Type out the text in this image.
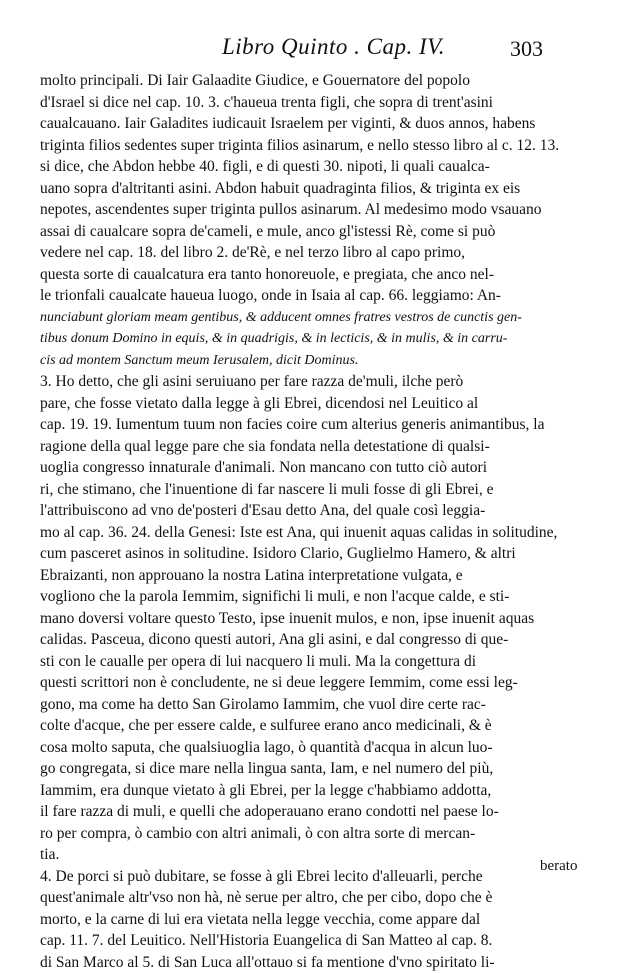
Libro Quinto . Cap. IV.	303
molto principali. Di Iair Galaadite Giudice, e Gouernatore del popolo
d'Israel si dice nel cap. 10. 3. c'haueua trenta figli, che sopra di trent'asini
caualcauano. Iair Galadites iudicauit Israelem per viginti, & duos annos, habens
triginta filios sedentes super triginta filios asinarum, e nello stesso libro al c. 12. 13.
si dice, che Abdon hebbe 40. figli, e di questi 30. nipoti, li quali caualca-
uano sopra d'altritanti asini. Abdon habuit quadraginta filios, & triginta ex eis
nepotes, ascendentes super triginta pullos asinarum. Al medesimo modo vsauano
assai di caualcare sopra de'cameli, e mule, anco gl'istessi Rè, come si può
vedere nel cap. 18. del libro 2. de'Rè, e nel terzo libro al capo primo,
questa sorte di caualcatura era tanto honoreuole, e pregiata, che anco nel-
le trionfali caualcate haueua luogo, onde in Isaia al cap. 66. leggiamo: An-
nunciabunt gloriam meam gentibus, & adducent omnes fratres vestros de cunctis gen-
tibus donum Domino in equis, & in quadrigis, & in lecticis, & in mulis, & in carru-
cis ad montem Sanctum meum Ierusalem, dicit Dominus.
3. Ho detto, che gli asini seruiuano per fare razza de'muli, ilche però
pare, che fosse vietato dalla legge à gli Ebrei, dicendosi nel Leuitico al
cap. 19. 19. Iumentum tuum non facies coire cum alterius generis animantibus, la
ragione della qual legge pare che sia fondata nella detestatione di qualsi-
uoglia congresso innaturale d'animali. Non mancano con tutto ciò autori
ri, che stimano, che l'inuentione di far nascere li muli fosse di gli Ebrei, e
l'attribuiscono ad vno de'posteri d'Esau detto Ana, del quale così leggia-
mo al cap. 36. 24. della Genesi: Iste est Ana, qui inuenit aquas calidas in solitudine,
cum pasceret asinos in solitudine. Isidoro Clario, Guglielmo Hamero, & altri
Ebraizanti, non approuano la nostra Latina interpretatione vulgata, e
vogliono che la parola Iemmim, significhi li muli, e non l'acque calde, e sti-
mano doversi voltare questo Testo, ipse inuenit mulos, e non, ipse inuenit aquas
calidas. Pasceua, dicono questi autori, Ana gli asini, e dal congresso di que-
sti con le caualle per opera di lui nacquero li muli. Ma la congettura di
questi scrittori non è concludente, ne si deue leggere Iemmim, come essi leg-
gono, ma come ha detto San Girolamo Iammim, che vuol dire certe rac-
colte d'acque, che per essere calde, e sulfuree erano anco medicinali, & è
cosa molto saputa, che qualsiuoglia lago, ò quantità d'acqua in alcun luo-
go congregata, si dice mare nella lingua santa, Iam, e nel numero del più,
Iammim, era dunque vietato à gli Ebrei, per la legge c'habbiamo addotta,
il fare razza di muli, e quelli che adoperauano erano condotti nel paese lo-
ro per compra, ò cambio con altri animali, ò con altra sorte di mercan-
tia.
4. De porci si può dubitare, se fosse à gli Ebrei lecito d'alleuarli, perche
quest'animale altr'vso non hà, nè serue per altro, che per cibo, dopo che è
morto, e la carne di lui era vietata nella legge vecchia, come appare dal
cap. 11. 7. del Leuitico. Nell'Historia Euangelica di San Matteo al cap. 8.
di San Marco al 5. di San Luca all'ottauo si fa mentione d'vno spiritato li-
berato
